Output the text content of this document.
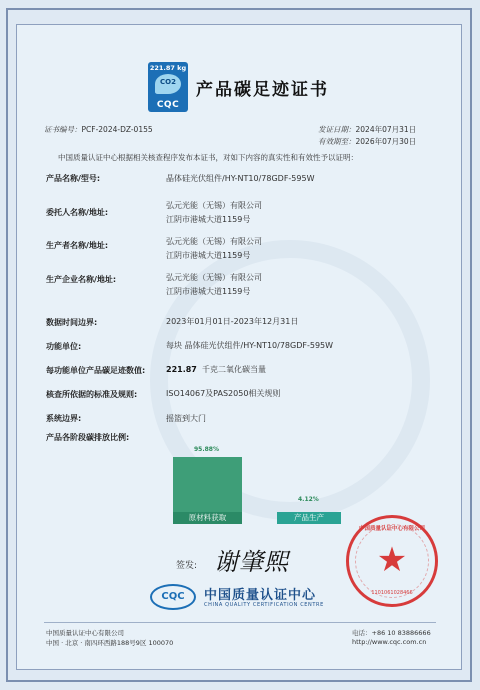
221.87 kg
CO2
CQC
产品碳足迹证书
证书编号：PCF-2024-DZ-0155	发证日期：2024年07月31日
有效期至：2026年07月30日
中国质量认证中心根据相关核查程序发布本证书，对如下内容的真实性和有效性予以证明：
产品名称/型号:	晶体硅光伏组件/HY-NT10/78GDF-595W
委托人名称/地址:
弘元光能（无锡）有限公司
江阴市港城大道1159号
生产者名称/地址:	弘元光能（无锡）有限公司
江阴市港城大道1159号
生产企业名称/地址:	弘元光能（无锡）有限公司
江阴市港城大道1159号
数据时间边界:	2023年01月01日-2023年12月31日
功能单位:	每块 晶体硅光伏组件/HY-NT10/78GDF-595W
每功能单位产品碳足迹数值:	221.87 千克二氧化碳当量
核查所依据的标准及规则:	ISO14067及PAS2050相关规则
系统边界:	摇篮到大门
产品各阶段碳排放比例:
95.88%
原材料获取
4.12%
产品生产
签发: 谢肇熙
中国质量认证中心有限公司
★
1101061028466
CQC	中国质量认证中心
CHINA QUALITY CERTIFICATION CENTRE
中国质量认证中心有限公司
中国 · 北京 · 南四环西路188号9区 100070
电话：+86 10 83886666
http://www.cqc.com.cn
